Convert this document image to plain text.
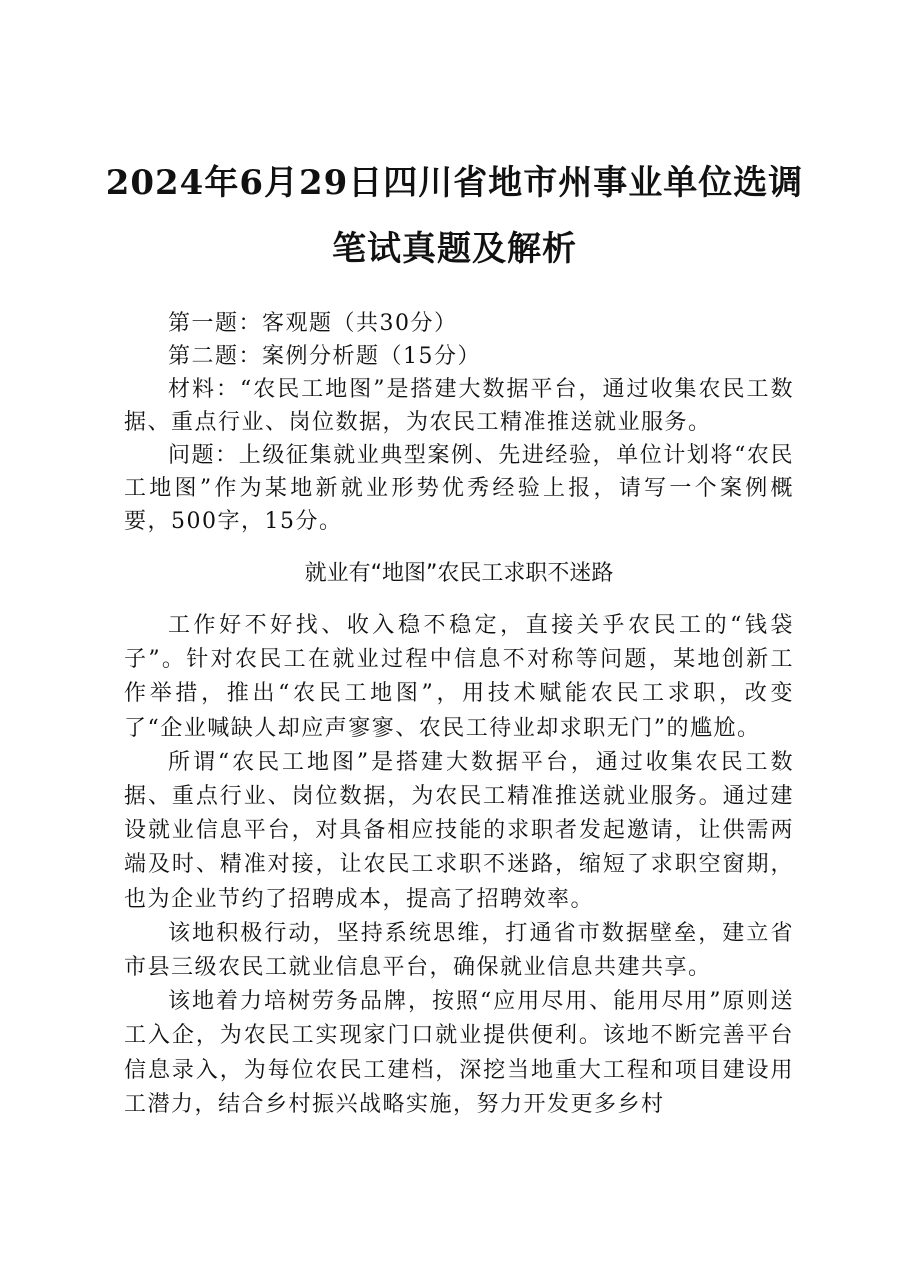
2024年6月29日四川省地市州事业单位选调
笔试真题及解析

第一题：客观题（共30分）

第二题：案例分析题（15分）

材料：“农民工地图”是搭建大数据平台，通过收集农民工数据、重点行业、岗位数据，为农民工精准推送就业服务。

问题：上级征集就业典型案例、先进经验，单位计划将“农民工地图”作为某地新就业形势优秀经验上报，请写一个案例概要，500字，15分。

就业有“地图”农民工求职不迷路

工作好不好找、收入稳不稳定，直接关乎农民工的“钱袋子”。针对农民工在就业过程中信息不对称等问题，某地创新工作举措，推出“农民工地图”，用技术赋能农民工求职，改变了“企业喊缺人却应声寥寥、农民工待业却求职无门”的尴尬。

所谓“农民工地图”是搭建大数据平台，通过收集农民工数据、重点行业、岗位数据，为农民工精准推送就业服务。通过建设就业信息平台，对具备相应技能的求职者发起邀请，让供需两端及时、精准对接，让农民工求职不迷路，缩短了求职空窗期，也为企业节约了招聘成本，提高了招聘效率。

该地积极行动，坚持系统思维，打通省市数据壁垒，建立省市县三级农民工就业信息平台，确保就业信息共建共享。

该地着力培树劳务品牌，按照“应用尽用、能用尽用”原则送工入企，为农民工实现家门口就业提供便利。该地不断完善平台信息录入，为每位农民工建档，深挖当地重大工程和项目建设用工潜力，结合乡村振兴战略实施，努力开发更多乡村
